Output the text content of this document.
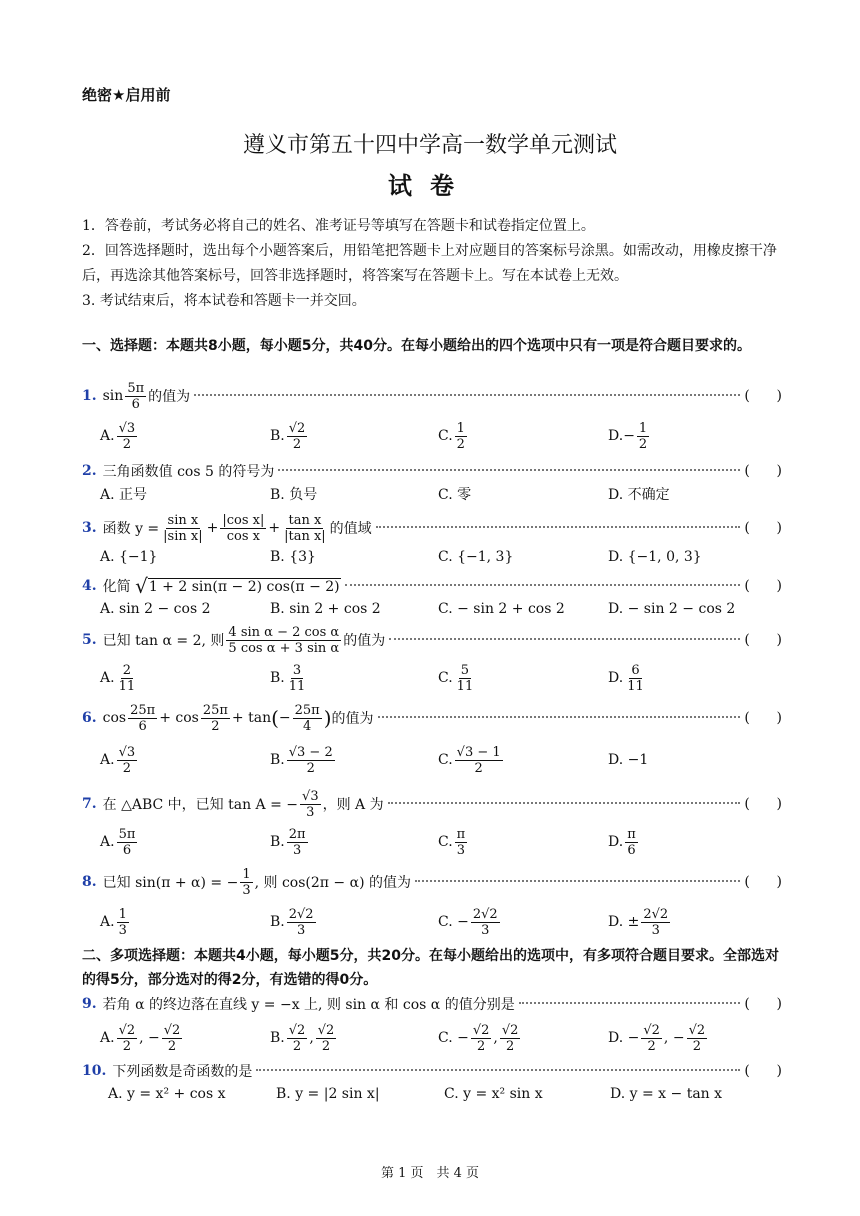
绝密★启用前
遵义市第五十四中学高一数学单元测试
试卷
1．答卷前，考试务必将自己的姓名、准考证号等填写在答题卡和试卷指定位置上。
2．回答选择题时，选出每个小题答案后，用铅笔把答题卡上对应题目的答案标号涂黑。如需改动，用橡皮擦干净后，再选涂其他答案标号，回答非选择题时，将答案写在答题卡上。写在本试卷上无效。
3. 考试结束后，将本试卷和答题卡一并交回。
一、选择题：本题共8小题，每小题5分，共40分。在每小题给出的四个选项中只有一项是符合题目要求的。
1. $\sin \frac{5\pi}{6}$ 的值为	(      )
A. $\frac{√3}{2}$	B. $\frac{√2}{2}$	C. $\frac{1}{2}$	D. − $\frac{1}{2}$
2. 三角函数值 cos 5 的符号为	(      )
A. 正号	B. 负号	C. 零	D. 不确定
3. 函数 $y = \frac{\text{sin x}}{\text{|sin x|}} + \frac{\text{|cos x|}}{\text{cos x}} + \frac{\text{tan x}}{\text{|tan x|}}$ 的值域	(      )
A. {−1}	B. {3}	C. {−1, 3}	D. {−1, 0, 3}
4. 化简
√ 1 + 2 sin(π − 2) cos(π − 2)	(      )
A. sin 2 − cos 2	B. sin 2 + cos 2	C. − sin 2 + cos 2	D. − sin 2 − cos 2
5. 已知 tan α = 2, 则 $\frac{\text{4 sin α − 2 cos α}}{\text{5 cos α + 3 sin α}}$ 的值为	(      )
A. $\frac{2}{11}$	B. $\frac{3}{11}$	C. $\frac{5}{11}$	D. $\frac{6}{11}$
6. $\cos \frac{25\pi}{6} + \cos \frac{25\pi}{2} + \tan$ ( − $\frac{25\pi}{4}$ ) 的值为	(      )
A. $\frac{√3}{2}$	B. $\frac{√3 - 2}{2}$	C. $\frac{√3 - 1}{2}$	D. −1
7. 在 △ABC 中，已知 tan A = − $\frac{√3}{3}$ ，则 A 为	(      )
A. $\frac{5\pi}{6}$	B. $\frac{2\pi}{3}$	C. $\frac{\pi}{3}$	D. $\frac{\pi}{6}$
8. 已知 sin(π + α) = − $\frac{1}{3}$ , 则 cos(2π − α) 的值为	(      )
A. $\frac{1}{3}$	B. $\frac{2√2}{3}$	C. − $\frac{2√2}{3}$	D. ± $\frac{2√2}{3}$
二、多项选择题：本题共4小题，每小题5分，共20分。在每小题给出的选项中，有多项符合题目要求。全部选对的得5分，部分选对的得2分，有选错的得0分。
9. 若角 α 的终边落在直线 y = −x 上, 则 sin α 和 cos α 的值分别是	(      )
A. $\frac{√2}{2}$ , − $\frac{√2}{2}$	B. $\frac{√2}{2}$ , $\frac{√2}{2}$	C. − $\frac{√2}{2}$ , $\frac{√2}{2}$	D. − $\frac{√2}{2}$ , − $\frac{√2}{2}$
10. 下列函数是奇函数的是	(      )
A. y = x² + cos x	B. y = |2 sin x|	C. y = x² sin x	D. y = x − tan x
第 1 页　共 4 页
